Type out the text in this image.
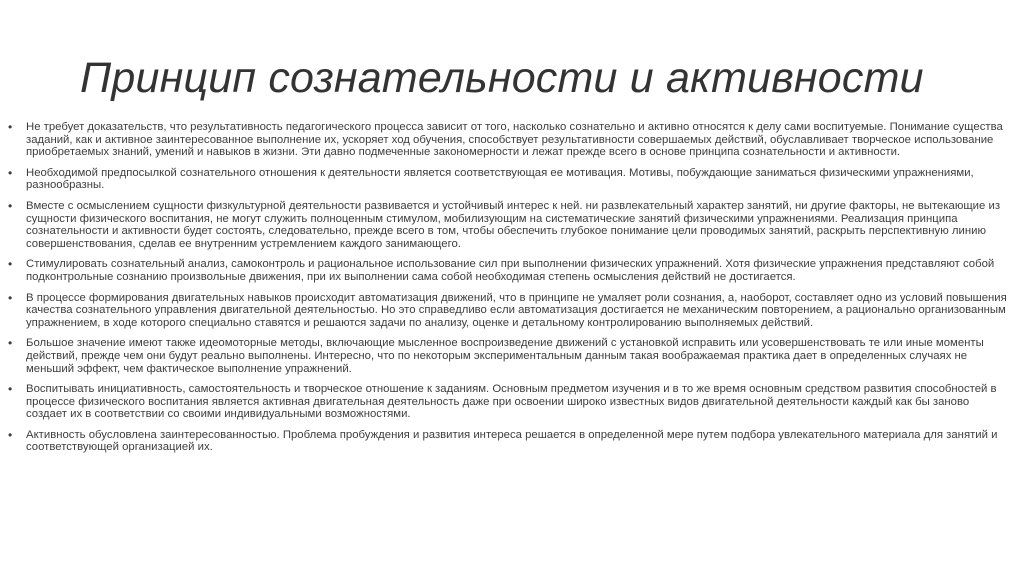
Принцип сознательности и активности
• Не требует доказательств, что результативность педагогического процесса зависит от того, насколько сознательно и активно относятся к делу сами воспитуемые. Понимание существа заданий, как и активное заинтересованное выполнение их, ускоряет ход обучения, способствует результативности совершаемых действий, обуславливает творческое использование приобретаемых знаний, умений и навыков в жизни. Эти давно подмеченные закономерности и лежат прежде всего в основе принципа сознательности и активности.
• Необходимой предпосылкой сознательного отношения к деятельности является соответствующая ее мотивация. Мотивы, побуждающие заниматься физическими упражнениями, разнообразны.
• Вместе с осмыслением сущности физкультурной деятельности развивается и устойчивый интерес к ней. ни развлекательный характер занятий, ни другие факторы, не вытекающие из сущности физического воспитания, не могут служить полноценным стимулом, мобилизующим на систематические занятий физическими упражнениями. Реализация принципа сознательности и активности будет состоять, следовательно, прежде всего в том, чтобы обеспечить глубокое понимание цели проводимых занятий, раскрыть перспективную линию совершенствования, сделав ее внутренним устремлением каждого занимающего.
• Стимулировать сознательный анализ, самоконтроль и рациональное использование сил при выполнении физических упражнений. Хотя физические упражнения представляют собой подконтрольные сознанию произвольные движения, при их выполнении сама собой необходимая степень осмысления действий не достигается.
• В процессе формирования двигательных навыков происходит автоматизация движений, что в принципе не умаляет роли сознания, а, наоборот, составляет одно из условий повышения качества сознательного управления двигательной деятельностью. Но это справедливо если автоматизация достигается не механическим повторением, а рационально организованным упражнением, в ходе которого специально ставятся и решаются задачи по анализу, оценке и детальному контролированию выполняемых действий.
• Большое значение имеют также идеомоторные методы, включающие мысленное воспроизведение движений с установкой исправить или усовершенствовать те или иные моменты действий, прежде чем они будут реально выполнены. Интересно, что по некоторым экспериментальным данным такая воображаемая практика дает в определенных случаях не меньший эффект, чем фактическое выполнение упражнений.
• Воспитывать инициативность, самостоятельность и творческое отношение к заданиям. Основным предметом изучения и в то же время основным средством развития способностей в процессе физического воспитания является активная двигательная деятельность даже при освоении широко известных видов двигательной деятельности каждый как бы заново создает их в соответствии со своими индивидуальными возможностями.
• Активность обусловлена заинтересованностью. Проблема пробуждения и развития интереса решается в определенной мере путем подбора увлекательного материала для занятий и соответствующей организацией их.
